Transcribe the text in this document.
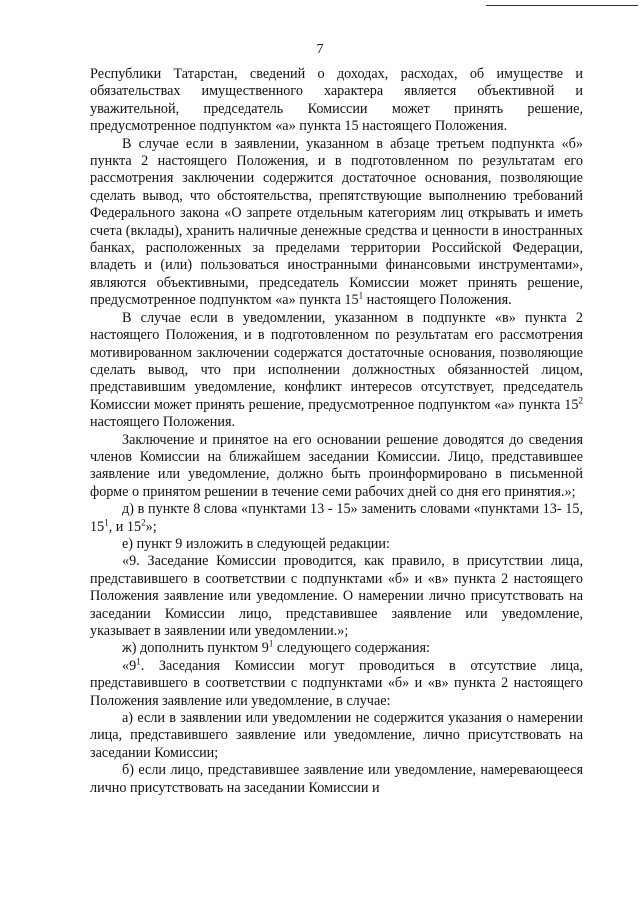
7

Республики Татарстан, сведений о доходах, расходах, об имуществе и обязательствах имущественного характера является объективной и уважительной, председатель Комиссии может принять решение, предусмотренное подпунктом «а» пункта 15 настоящего Положения.

В случае если в заявлении, указанном в абзаце третьем подпункта «б» пункта 2 настоящего Положения, и в подготовленном по результатам его рассмотрения заключении содержится достаточное основания, позволяющие сделать вывод, что обстоятельства, препятствующие выполнению требований Федерального закона «О запрете отдельным категориям лиц открывать и иметь счета (вклады), хранить наличные денежные средства и ценности в иностранных банках, расположенных за пределами территории Российской Федерации, владеть и (или) пользоваться иностранными финансовыми инструментами», являются объективными, председатель Комиссии может принять решение, предусмотренное подпунктом «а» пункта $15^1$ настоящего Положения.

В случае если в уведомлении, указанном в подпункте «в» пункта 2 настоящего Положения, и в подготовленном по результатам его рассмотрения мотивированном заключении содержатся достаточные основания, позволяющие сделать вывод, что при исполнении должностных обязанностей лицом, представившим уведомление, конфликт интересов отсутствует, председатель Комиссии может принять решение, предусмотренное подпунктом «а» пункта $15^2$ настоящего Положения.

Заключение и принятое на его основании решение доводятся до сведения членов Комиссии на ближайшем заседании Комиссии. Лицо, представившее заявление или уведомление, должно быть проинформировано в письменной форме о принятом решении в течение семи рабочих дней со дня его принятия.»;

д) в пункте 8 слова «пунктами 13 - 15» заменить словами «пунктами 13- 15, $15^1$, и $15^2$»;

е) пункт 9 изложить в следующей редакции:

«9. Заседание Комиссии проводится, как правило, в присутствии лица, представившего в соответствии с подпунктами «б» и «в» пункта 2 настоящего Положения заявление или уведомление. О намерении лично присутствовать на заседании Комиссии лицо, представившее заявление или уведомление, указывает в заявлении или уведомлении.»;

ж) дополнить пунктом $9^1$ следующего содержания:

«$9^1$. Заседания Комиссии могут проводиться в отсутствие лица, представившего в соответствии с подпунктами «б» и «в» пункта 2 настоящего Положения заявление или уведомление, в случае:

а) если в заявлении или уведомлении не содержится указания о намерении лица, представившего заявление или уведомление, лично присутствовать на заседании Комиссии;

б) если лицо, представившее заявление или уведомление, намеревающееся лично присутствовать на заседании Комиссии и
